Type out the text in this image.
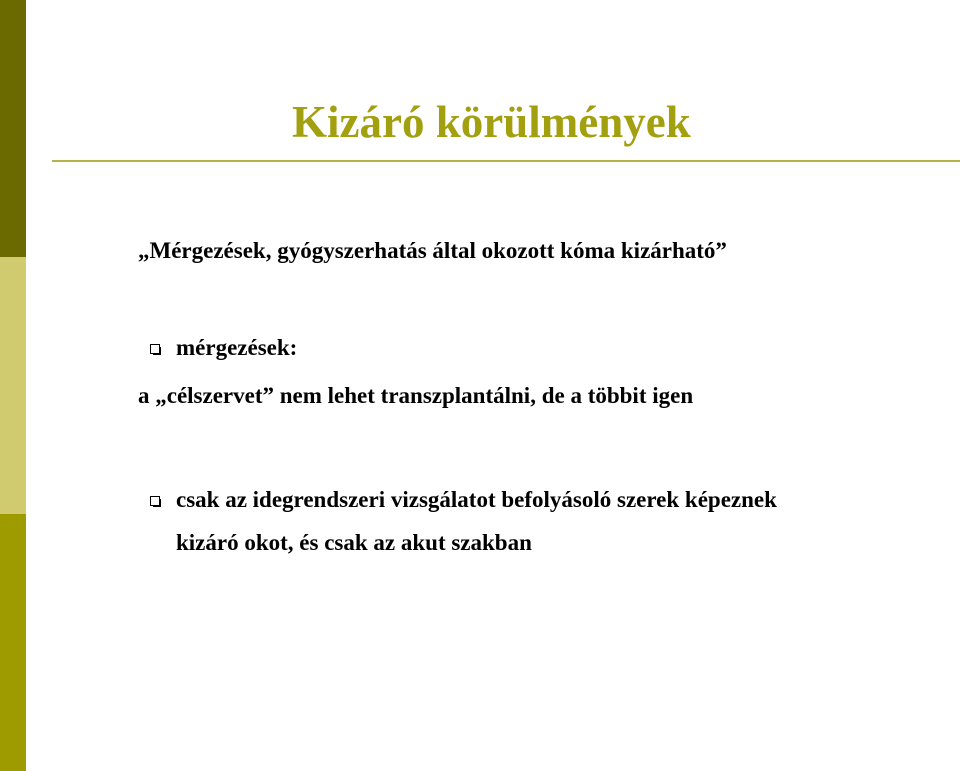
Kizáró körülmények
„Mérgezések, gyógyszerhatás által okozott kóma kizárható”
mérgezések:
a „célszervet” nem lehet transzplantálni, de a többit igen
csak az idegrendszeri vizsgálatot befolyásoló szerek képeznek
kizáró okot, és csak az akut szakban
